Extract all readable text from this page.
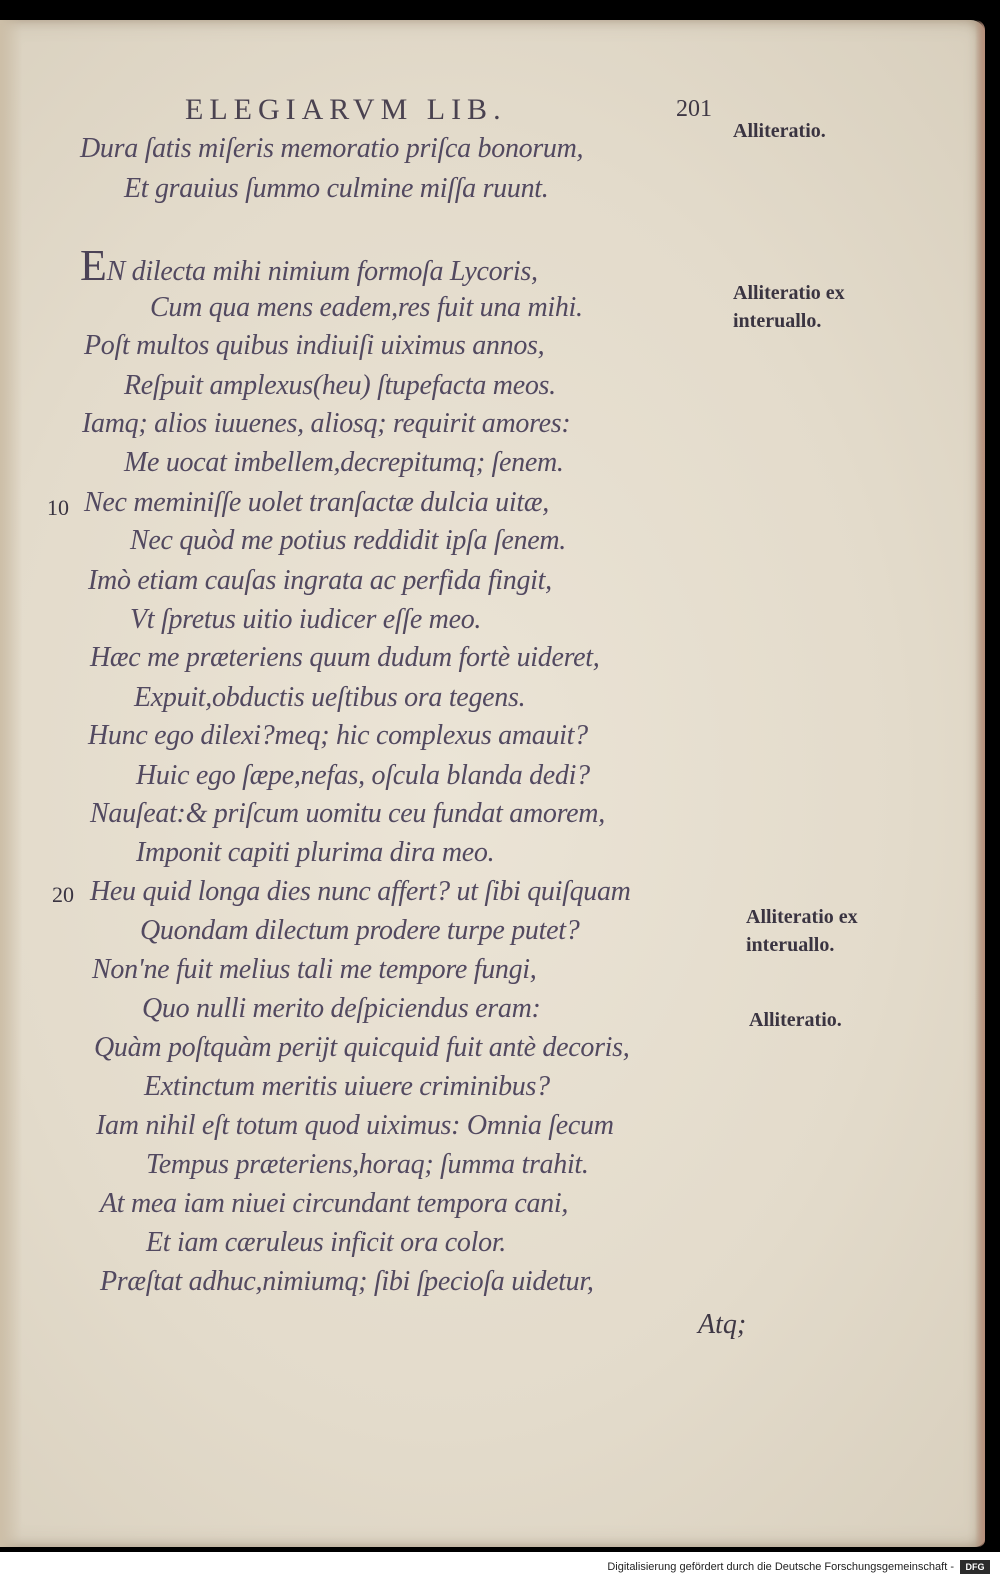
ELEGIARVM LIB.	201
Dura ſatis miſeris memoratio priſca bonorum,
Et grauius ſummo culmine miſſa ruunt.
EN dilecta mihi nimium formoſa Lycoris,
Cum qua mens eadem,res fuit una mihi.
Poſt multos quibus indiuiſi uiximus annos,
Reſpuit amplexus(heu) ſtupefacta meos.
Iamq; alios iuuenes, aliosq; requirit amores:
Me uocat imbellem,decrepitumq; ſenem.
Nec meminiſſe uolet tranſactæ dulcia uitæ,
Nec quòd me potius reddidit ipſa ſenem.
Imò etiam cauſas ingrata ac perfida fingit,
Vt ſpretus uitio iudicer eſſe meo.
Hæc me præteriens quum dudum fortè uideret,
Expuit,obductis ueſtibus ora tegens.
Hunc ego dilexi?meq; hic complexus amauit?
Huic ego ſæpe,nefas, oſcula blanda dedi?
Nauſeat:& priſcum uomitu ceu fundat amorem,
Imponit capiti plurima dira meo.
Heu quid longa dies nunc affert? ut ſibi quiſquam
Quondam dilectum prodere turpe putet?
Non'ne fuit melius tali me tempore fungi,
Quo nulli merito deſpiciendus eram:
Quàm poſtquàm perijt quicquid fuit antè decoris,
Extinctum meritis uiuere criminibus?
Iam nihil eſt totum quod uiximus: Omnia ſecum
Tempus præteriens,horaq; ſumma trahit.
At mea iam niuei circundant tempora cani,
Et iam cæruleus inficit ora color.
Præſtat adhuc,nimiumq; ſibi ſpecioſa uidetur,
10
20
Alliteratio.
Alliteratio ex
interuallo.
Alliteratio ex
interuallo.
Alliteratio.
Atq;
Digitalisierung gefördert durch die Deutsche Forschungsgemeinschaft -	DFG
